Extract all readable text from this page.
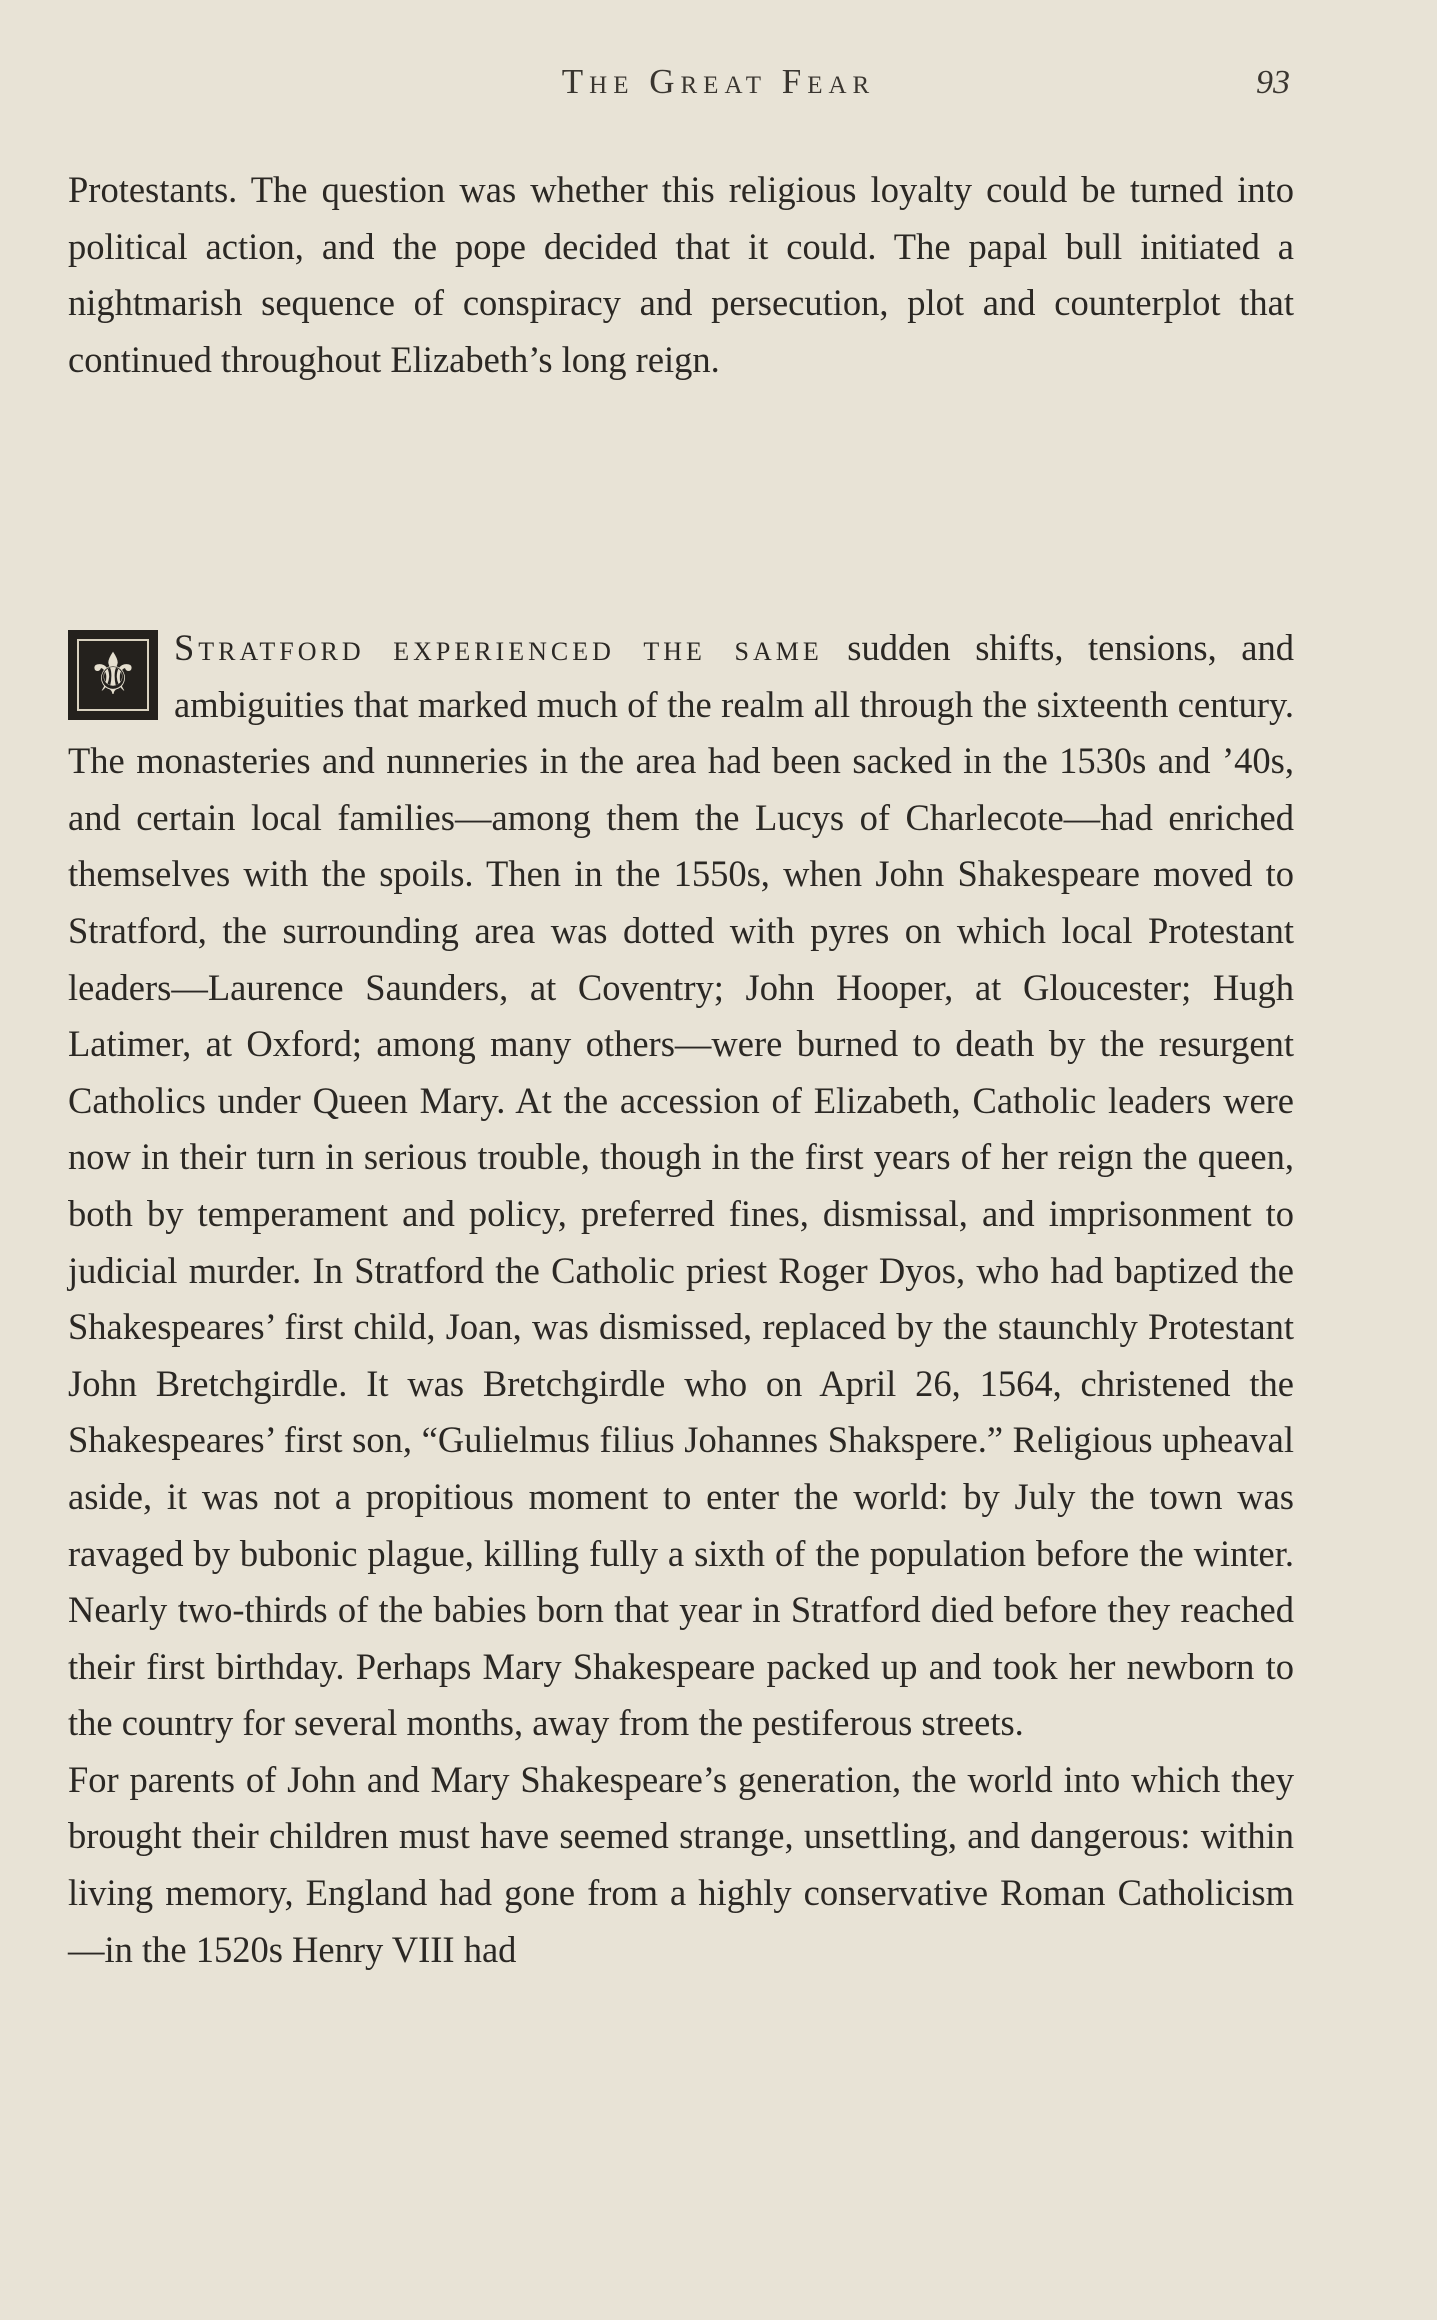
The Great Fear	93

Protestants. The question was whether this religious loyalty could be turned into political action, and the pope decided that it could. The papal bull initiated a nightmarish sequence of conspiracy and persecution, plot and counterplot that continued throughout Elizabeth’s long reign.

⚜ Stratford experienced the same sudden shifts, tensions, and ambiguities that marked much of the realm all through the sixteenth century. The monasteries and nunneries in the area had been sacked in the 1530s and ’40s, and certain local families—among them the Lucys of Charlecote—had enriched themselves with the spoils. Then in the 1550s, when John Shakespeare moved to Stratford, the surrounding area was dotted with pyres on which local Protestant leaders—Laurence Saunders, at Coventry; John Hooper, at Gloucester; Hugh Latimer, at Oxford; among many others—were burned to death by the resurgent Catholics under Queen Mary. At the accession of Elizabeth, Catholic leaders were now in their turn in serious trouble, though in the first years of her reign the queen, both by temperament and policy, preferred fines, dismissal, and imprisonment to judicial murder. In Stratford the Catholic priest Roger Dyos, who had baptized the Shakespeares’ first child, Joan, was dismissed, replaced by the staunchly Protestant John Bretchgirdle. It was Bretchgirdle who on April 26, 1564, christened the Shakespeares’ first son, “Gulielmus filius Johannes Shakspere.” Religious upheaval aside, it was not a propitious moment to enter the world: by July the town was ravaged by bubonic plague, killing fully a sixth of the population before the winter. Nearly two-thirds of the babies born that year in Stratford died before they reached their first birthday. Perhaps Mary Shakespeare packed up and took her newborn to the country for several months, away from the pestiferous streets.

For parents of John and Mary Shakespeare’s generation, the world into which they brought their children must have seemed strange, unsettling, and dangerous: within living memory, England had gone from a highly conservative Roman Catholicism—in the 1520s Henry VIII had
